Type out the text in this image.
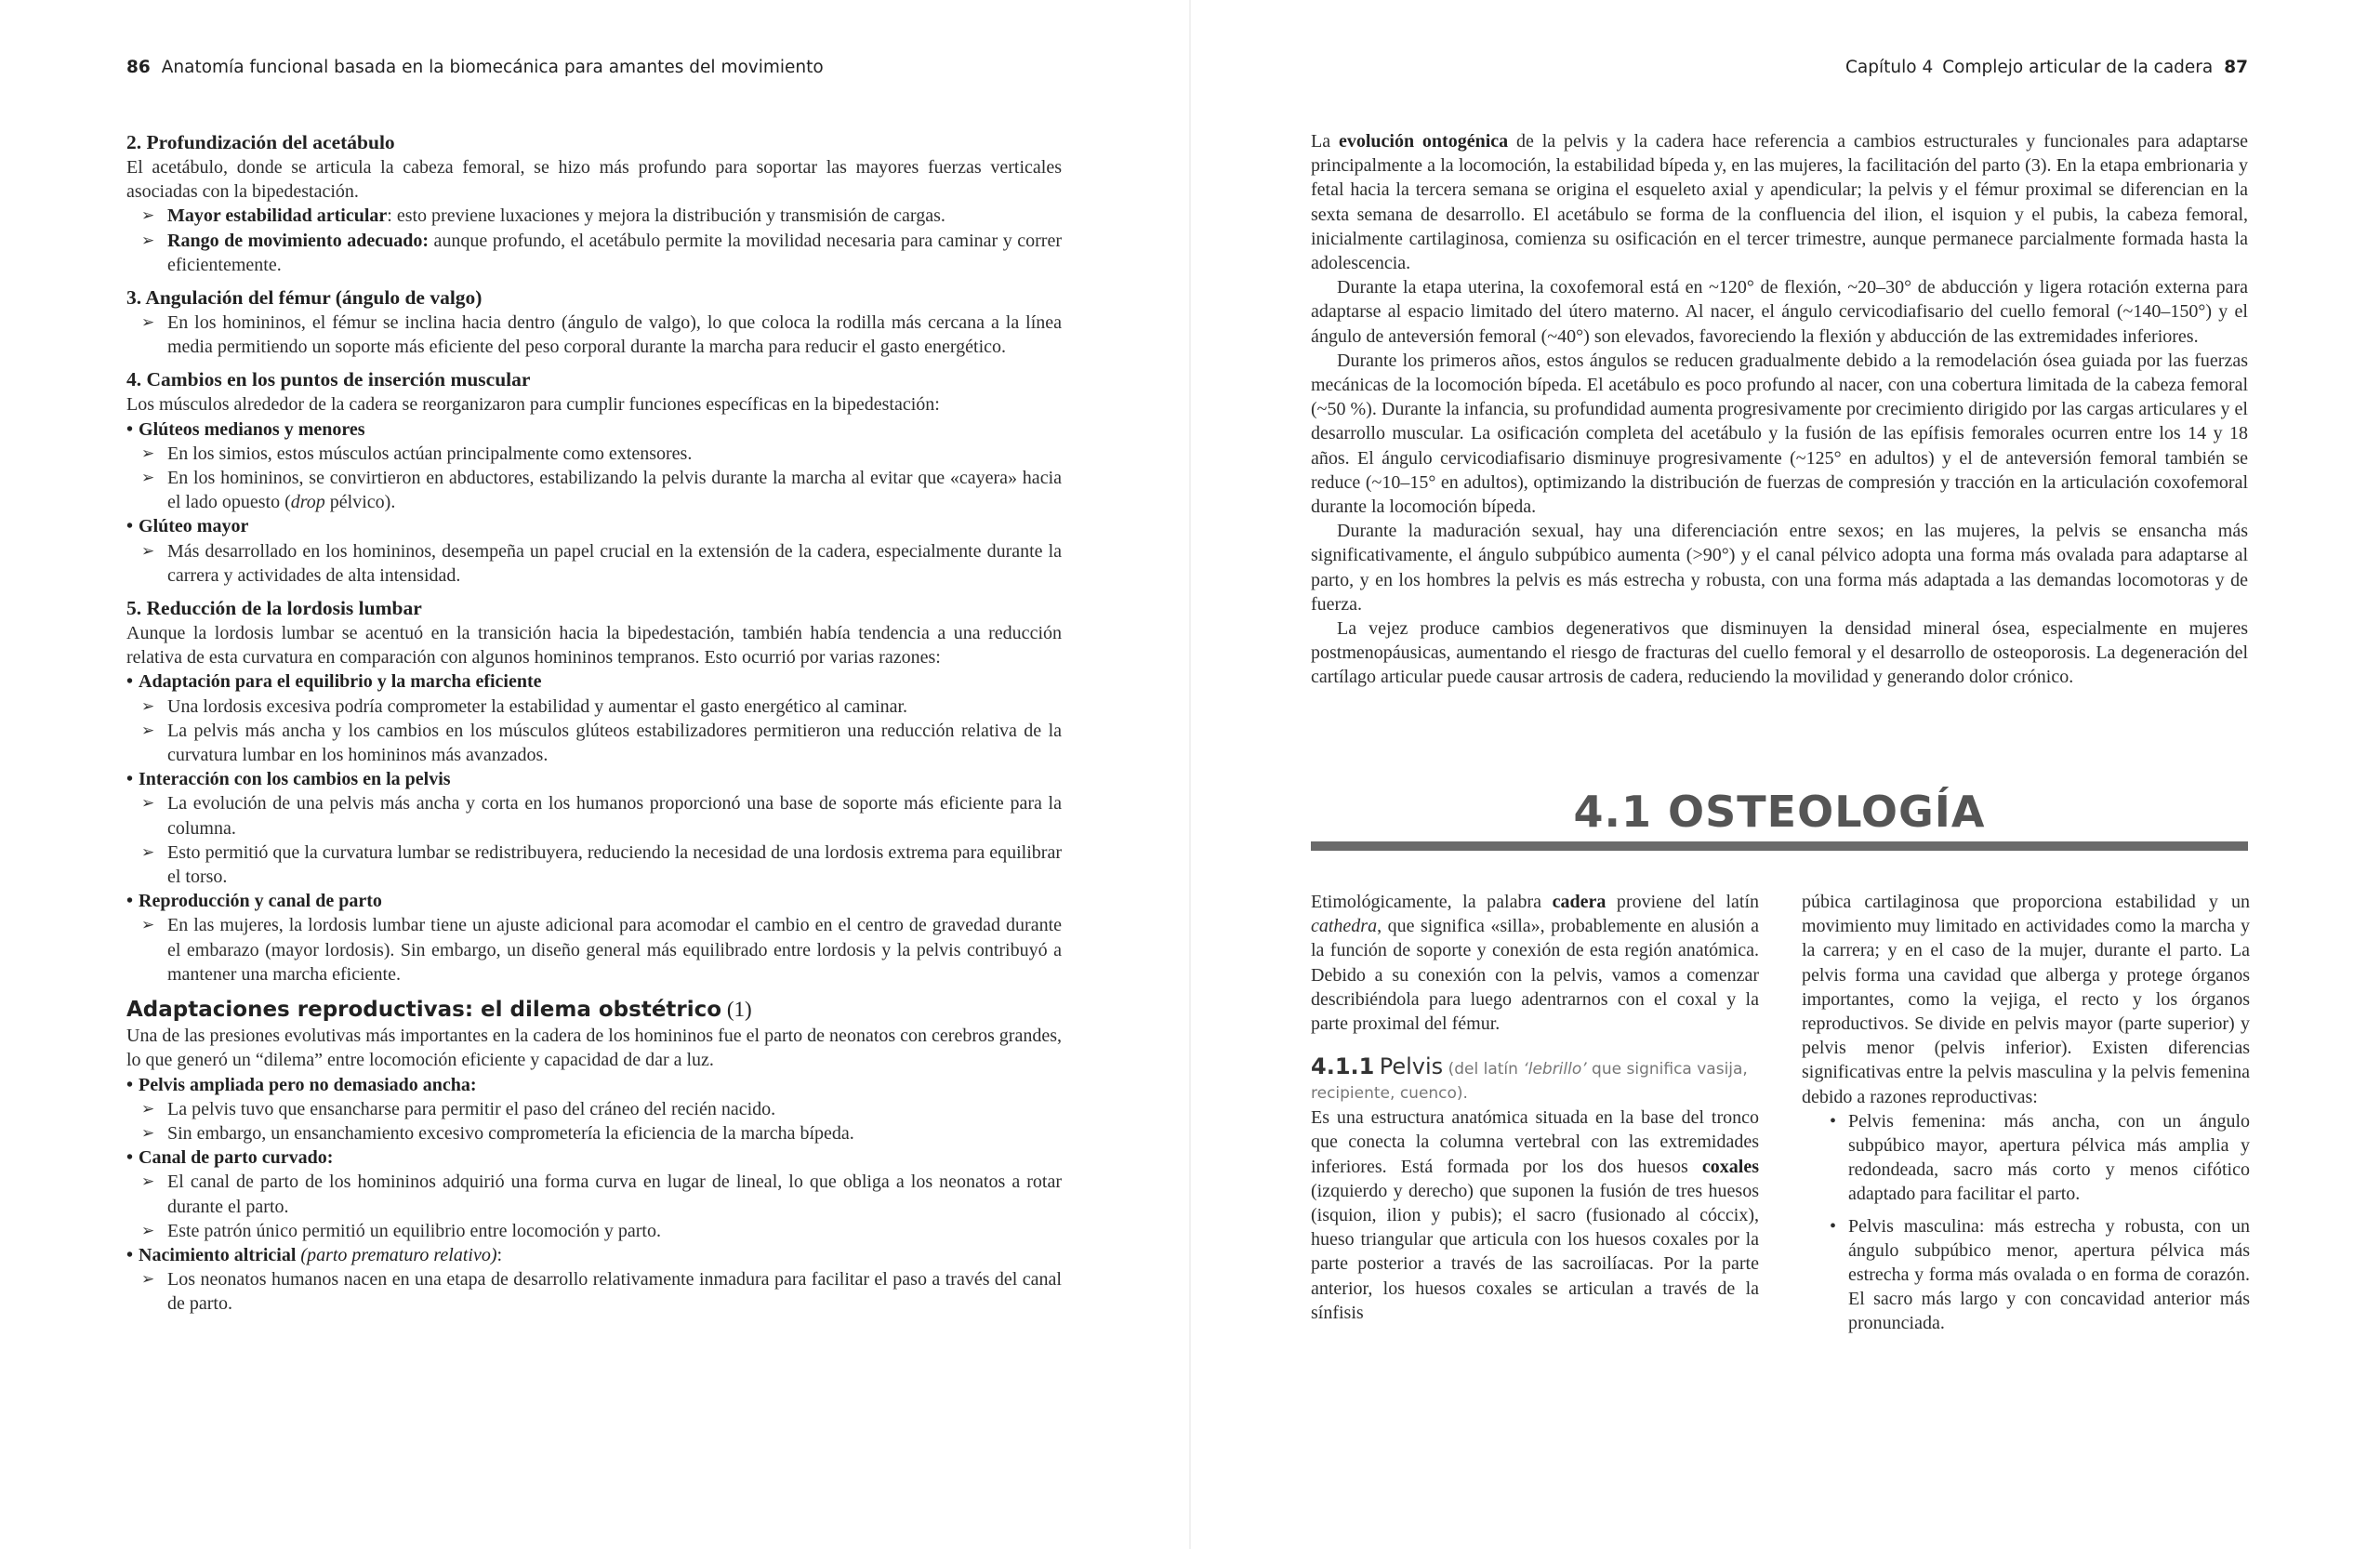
86 Anatomía funcional basada en la biomecánica para amantes del movimiento
2. Profundización del acetábulo

El acetábulo, donde se articula la cabeza femoral, se hizo más profundo para soportar las mayores fuerzas verticales asociadas con la bipedestación.

➢ Mayor estabilidad articular: esto previene luxaciones y mejora la distribución y transmisión de cargas.
➢ Rango de movimiento adecuado: aunque profundo, el acetábulo permite la movilidad necesaria para caminar y correr eficientemente.
3. Angulación del fémur (ángulo de valgo)
➢ En los homininos, el fémur se inclina hacia dentro (ángulo de valgo), lo que coloca la rodilla más cercana a la línea media permitiendo un soporte más eficiente del peso corporal durante la marcha para reducir el gasto energético.
4. Cambios en los puntos de inserción muscular

Los músculos alrededor de la cadera se reorganizaron para cumplir funciones específicas en la bipedestación:

• Glúteos medianos y menores
➢ En los simios, estos músculos actúan principalmente como extensores.
➢ En los homininos, se convirtieron en abductores, estabilizando la pelvis durante la marcha al evitar que «cayera» hacia el lado opuesto (drop pélvico).
• Glúteo mayor
➢ Más desarrollado en los homininos, desempeña un papel crucial en la extensión de la cadera, especialmente durante la carrera y actividades de alta intensidad.
5. Reducción de la lordosis lumbar

Aunque la lordosis lumbar se acentuó en la transición hacia la bipedestación, también había tendencia a una reducción relativa de esta curvatura en comparación con algunos homininos tempranos. Esto ocurrió por varias razones:

• Adaptación para el equilibrio y la marcha eficiente
➢ Una lordosis excesiva podría comprometer la estabilidad y aumentar el gasto energético al caminar.
➢ La pelvis más ancha y los cambios en los músculos glúteos estabilizadores permitieron una reducción relativa de la curvatura lumbar en los homininos más avanzados.
• Interacción con los cambios en la pelvis
➢ La evolución de una pelvis más ancha y corta en los humanos proporcionó una base de soporte más eficiente para la columna.
➢ Esto permitió que la curvatura lumbar se redistribuyera, reduciendo la necesidad de una lordosis extrema para equilibrar el torso.
• Reproducción y canal de parto
➢ En las mujeres, la lordosis lumbar tiene un ajuste adicional para acomodar el cambio en el centro de gravedad durante el embarazo (mayor lordosis). Sin embargo, un diseño general más equilibrado entre lordosis y la pelvis contribuyó a mantener una marcha eficiente.
Adaptaciones reproductivas: el dilema obstétrico (1)

Una de las presiones evolutivas más importantes en la cadera de los homininos fue el parto de neonatos con cerebros grandes, lo que generó un “dilema” entre locomoción eficiente y capacidad de dar a luz.

• Pelvis ampliada pero no demasiado ancha:
➢ La pelvis tuvo que ensancharse para permitir el paso del cráneo del recién nacido.
➢ Sin embargo, un ensanchamiento excesivo comprometería la eficiencia de la marcha bípeda.
• Canal de parto curvado:
➢ El canal de parto de los homininos adquirió una forma curva en lugar de lineal, lo que obliga a los neonatos a rotar durante el parto.
➢ Este patrón único permitió un equilibrio entre locomoción y parto.
• Nacimiento altricial (parto prematuro relativo):
➢ Los neonatos humanos nacen en una etapa de desarrollo relativamente inmadura para facilitar el paso a través del canal de parto.
Capítulo 4 Complejo articular de la cadera 87

La evolución ontogénica de la pelvis y la cadera hace referencia a cambios estructurales y funcionales para adaptarse principalmente a la locomoción, la estabilidad bípeda y, en las mujeres, la facilitación del parto (3). En la etapa embrionaria y fetal hacia la tercera semana se origina el esqueleto axial y apendicular; la pelvis y el fémur proximal se diferencian en la sexta semana de desarrollo. El acetábulo se forma de la confluencia del ilion, el isquion y el pubis, la cabeza femoral, inicialmente cartilaginosa, comienza su osificación en el tercer trimestre, aunque permanece parcialmente formada hasta la adolescencia.

Durante la etapa uterina, la coxofemoral está en ~120° de flexión, ~20–30° de abducción y ligera rotación externa para adaptarse al espacio limitado del útero materno. Al nacer, el ángulo cervicodiafisario del cuello femoral (~140–150°) y el ángulo de anteversión femoral (~40°) son elevados, favoreciendo la flexión y abducción de las extremidades inferiores.

Durante los primeros años, estos ángulos se reducen gradualmente debido a la remodelación ósea guiada por las fuerzas mecánicas de la locomoción bípeda. El acetábulo es poco profundo al nacer, con una cobertura limitada de la cabeza femoral (~50 %). Durante la infancia, su profundidad aumenta progresivamente por crecimiento dirigido por las cargas articulares y el desarrollo muscular. La osificación completa del acetábulo y la fusión de las epífisis femorales ocurren entre los 14 y 18 años. El ángulo cervicodiafisario disminuye progresivamente (~125° en adultos) y el de anteversión femoral también se reduce (~10–15° en adultos), optimizando la distribución de fuerzas de compresión y tracción en la articulación coxofemoral durante la locomoción bípeda.

Durante la maduración sexual, hay una diferenciación entre sexos; en las mujeres, la pelvis se ensancha más significativamente, el ángulo subpúbico aumenta (>90°) y el canal pélvico adopta una forma más ovalada para adaptarse al parto, y en los hombres la pelvis es más estrecha y robusta, con una forma más adaptada a las demandas locomotoras y de fuerza.

La vejez produce cambios degenerativos que disminuyen la densidad mineral ósea, especialmente en mujeres postmenopáusicas, aumentando el riesgo de fracturas del cuello femoral y el desarrollo de osteoporosis. La degeneración del cartílago articular puede causar artrosis de cadera, reduciendo la movilidad y generando dolor crónico.

4.1 OSTEOLOGÍA

Etimológicamente, la palabra cadera proviene del latín cathedra, que significa «silla», probablemente en alusión a la función de soporte y conexión de esta región anatómica. Debido a su conexión con la pelvis, vamos a comenzar describiéndola para luego adentrarnos con el coxal y la parte proximal del fémur.

4.1.1 Pelvis (del latín ‘lebrillo’ que significa vasija, recipiente, cuenco).

Es una estructura anatómica situada en la base del tronco que conecta la columna vertebral con las extremidades inferiores. Está formada por los dos huesos coxales (izquierdo y derecho) que suponen la fusión de tres huesos (isquion, ilion y pubis); el sacro (fusionado al cóccix), hueso triangular que articula con los huesos coxales por la parte posterior a través de las sacroilíacas. Por la parte anterior, los huesos coxales se articulan a través de la sínfisis

púbica cartilaginosa que proporciona estabilidad y un movimiento muy limitado en actividades como la marcha y la carrera; y en el caso de la mujer, durante el parto. La pelvis forma una cavidad que alberga y protege órganos importantes, como la vejiga, el recto y los órganos reproductivos. Se divide en pelvis mayor (parte superior) y pelvis menor (pelvis inferior). Existen diferencias significativas entre la pelvis masculina y la pelvis femenina debido a razones reproductivas:

• Pelvis femenina: más ancha, con un ángulo subpúbico mayor, apertura pélvica más amplia y redondeada, sacro más corto y menos cifótico adaptado para facilitar el parto.
• Pelvis masculina: más estrecha y robusta, con un ángulo subpúbico menor, apertura pélvica más estrecha y forma más ovalada o en forma de corazón. El sacro más largo y con concavidad anterior más pronunciada.
